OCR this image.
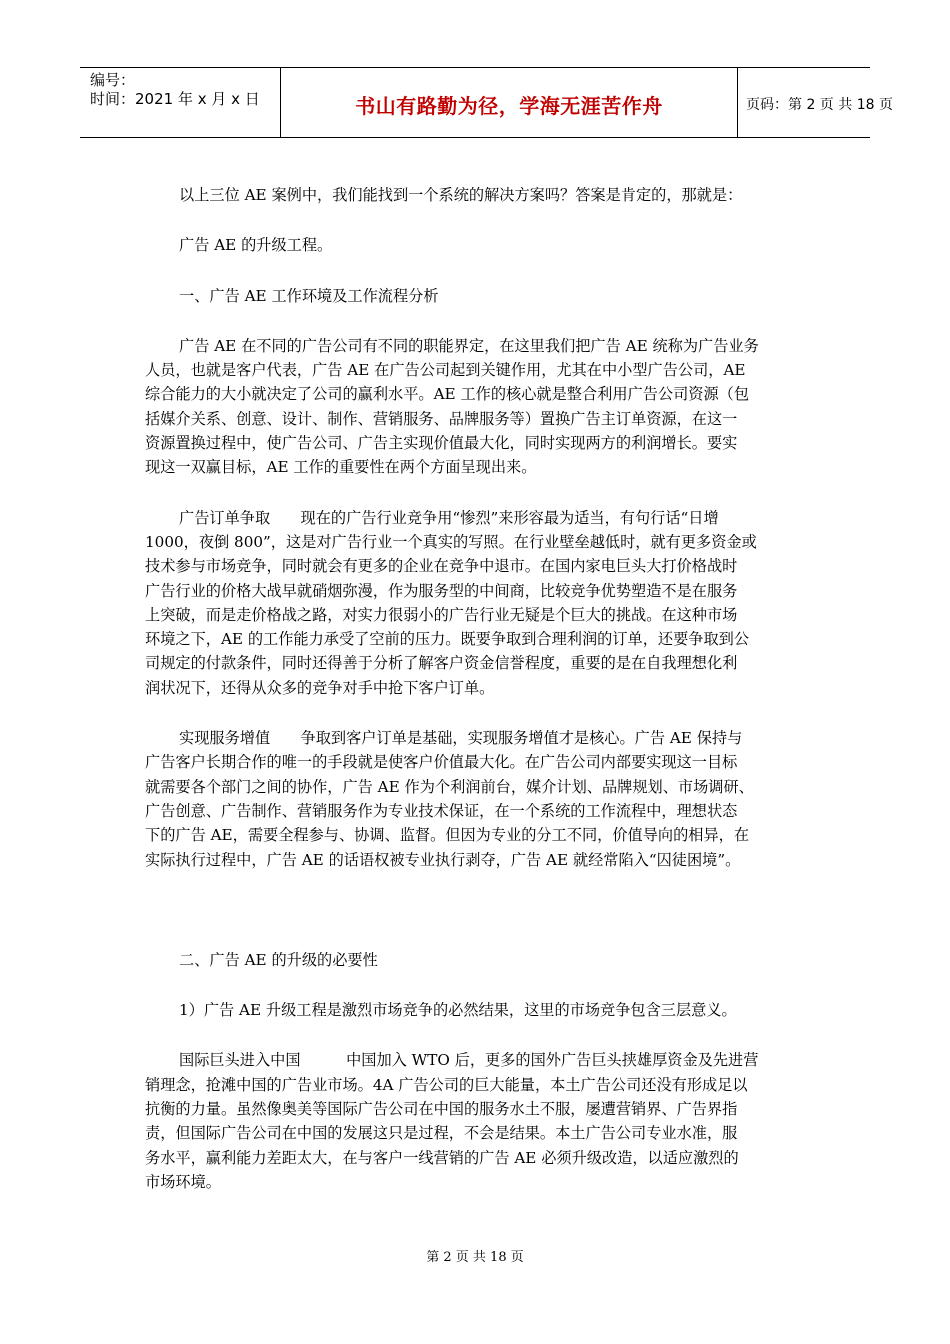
编号：
时间：2021 年 x 月 x 日	书山有路勤为径，学海无涯苦作舟	页码：第 2 页 共 18 页

以上三位 AE 案例中，我们能找到一个系统的解决方案吗？答案是肯定的，那就是：

广告 AE 的升级工程。

一、广告 AE 工作环境及工作流程分析

广告 AE 在不同的广告公司有不同的职能界定，在这里我们把广告 AE 统称为广告业务
人员，也就是客户代表，广告 AE 在广告公司起到关键作用，尤其在中小型广告公司，AE
综合能力的大小就决定了公司的赢利水平。AE 工作的核心就是整合利用广告公司资源（包
括媒介关系、创意、设计、制作、营销服务、品牌服务等）置换广告主订单资源，在这一
资源置换过程中，使广告公司、广告主实现价值最大化，同时实现两方的利润增长。要实
现这一双赢目标，AE 工作的重要性在两个方面呈现出来。
广告订单争取　　现在的广告行业竞争用“惨烈”来形容最为适当，有句行话“日增
1000，夜倒 800”，这是对广告行业一个真实的写照。在行业壁垒越低时，就有更多资金或
技术参与市场竞争，同时就会有更多的企业在竞争中退市。在国内家电巨头大打价格战时
广告行业的价格大战早就硝烟弥漫，作为服务型的中间商，比较竞争优势塑造不是在服务
上突破，而是走价格战之路，对实力很弱小的广告行业无疑是个巨大的挑战。在这种市场
环境之下，AE 的工作能力承受了空前的压力。既要争取到合理利润的订单，还要争取到公
司规定的付款条件，同时还得善于分析了解客户资金信誉程度，重要的是在自我理想化利
润状况下，还得从众多的竞争对手中抢下客户订单。
实现服务增值　　争取到客户订单是基础，实现服务增值才是核心。广告 AE 保持与
广告客户长期合作的唯一的手段就是使客户价值最大化。在广告公司内部要实现这一目标
就需要各个部门之间的协作，广告 AE 作为个利润前台，媒介计划、品牌规划、市场调研、
广告创意、广告制作、营销服务作为专业技术保证，在一个系统的工作流程中，理想状态
下的广告 AE，需要全程参与、协调、监督。但因为专业的分工不同，价值导向的相异，在
实际执行过程中，广告 AE 的话语权被专业执行剥夺，广告 AE 就经常陷入“囚徒困境”。

二、广告 AE 的升级的必要性

1）广告 AE 升级工程是激烈市场竞争的必然结果，这里的市场竞争包含三层意义。

国际巨头进入中国　　　中国加入 WTO 后，更多的国外广告巨头挟雄厚资金及先进营
销理念，抢滩中国的广告业市场。4A 广告公司的巨大能量，本土广告公司还没有形成足以
抗衡的力量。虽然像奥美等国际广告公司在中国的服务水土不服，屡遭营销界、广告界指
责，但国际广告公司在中国的发展这只是过程，不会是结果。本土广告公司专业水准，服
务水平，赢利能力差距太大，在与客户一线营销的广告 AE 必须升级改造，以适应激烈的
市场环境。
第 2 页 共 18 页
